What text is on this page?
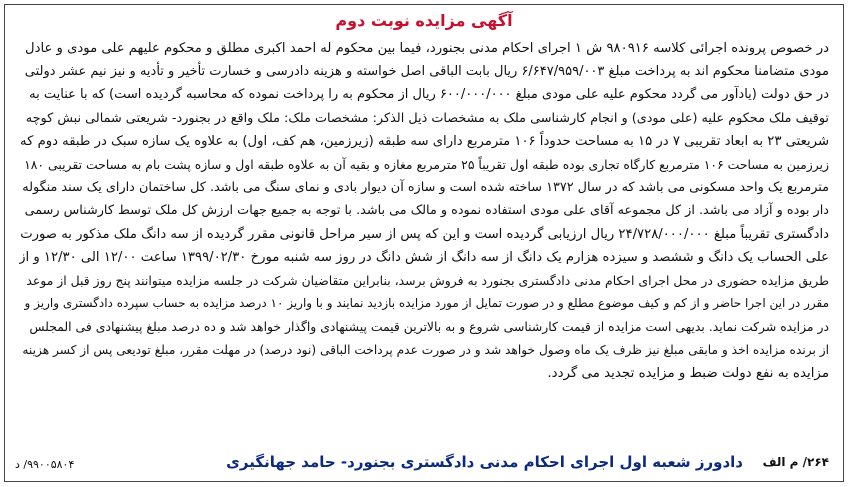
آگهی مزایده نوبت دوم
در خصوص پرونده اجرائی کلاسه ۹۸۰۹۱۶ ش ۱ اجرای احکام مدنی بجنورد، فیما بین محکوم له احمد اکبری مطلق و محکوم علیهم علی مودی و عادل
مودی متضامنا محکوم اند به پرداخت مبلغ ۶/۶۴۷/۹۵۹/۰۰۳ ریال بابت الباقی اصل خواسته و هزینه دادرسی و خسارت تأخیر و تأدیه و نیز نیم عشر دولتی
در حق دولت (یادآور می گردد محکوم علیه علی مودی مبلغ ۶۰۰/۰۰۰/۰۰۰ ریال از محکوم به را پرداخت نموده که محاسبه گردیده است) که با عنایت به
توقیف ملک محکوم علیه (علی مودی) و انجام کارشناسی ملک به مشخصات ذیل الذکر: مشخصات ملک: ملک واقع در بجنورد- شریعتی شمالی نبش کوچه
شریعتی ۲۳ به ابعاد تقریبی ۷ در ۱۵ به مساحت حدوداً ۱۰۶ مترمربع دارای سه طبقه (زیرزمین، هم کف، اول) به علاوه یک سازه سبک در طبقه دوم که
زیرزمین به مساحت ۱۰۶ مترمربع کارگاه تجاری بوده طبقه اول تقریباً ۲۵ مترمربع مغازه و بقیه آن به علاوه طبقه اول و سازه پشت بام به مساحت تقریبی ۱۸۰
مترمربع یک واحد مسکونی می باشد که در سال ۱۳۷۲ ساخته شده است و سازه آن دیوار بادی و نمای سنگ می باشد. کل ساختمان دارای یک سند منگوله
دار بوده و آزاد می باشد. از کل مجموعه آقای علی مودی استفاده نموده و مالک می باشد. با توجه به جمیع جهات ارزش کل ملک توسط کارشناس رسمی
دادگستری تقریباً مبلغ ۲۴/۷۲۸/۰۰۰/۰۰۰ ریال ارزیابی گردیده است و این که پس از سیر مراحل قانونی مقرر گردیده از سه دانگ ملک مذکور به صورت
علی الحساب یک دانگ و ششصد و سیزده هزارم یک دانگ از سه دانگ از شش دانگ در روز سه شنبه مورخ ۱۳۹۹/۰۲/۳۰ ساعت ۱۲/۰۰ الی ۱۲/۳۰ و از
طریق مزایده حضوری در محل اجرای احکام مدنی دادگستری بجنورد به فروش برسد، بنابراین متقاضیان شرکت در جلسه مزایده میتوانند پنج روز قبل از موعد
مقرر در این اجرا حاضر و از کم و کیف موضوع مطلع و در صورت تمایل از مورد مزایده بازدید نمایند و با واریز ۱۰ درصد مزایده به حساب سپرده دادگستری واریز و
در مزایده شرکت نماید. بدیهی است مزایده از قیمت کارشناسی شروع و به بالاترین قیمت پیشنهادی واگذار خواهد شد و ده درصد مبلغ پیشنهادی فی المجلس
از برنده مزایده اخذ و مابقی مبلغ نیز ظرف یک ماه وصول خواهد شد و در صورت عدم پرداخت الباقی (نود درصد) در مهلت مقرر، مبلغ تودیعی پس از کسر هزینه
مزایده به نفع دولت ضبط و مزایده تجدید می گردد.
۲۶۴/ م الف
دادورز شعبه اول اجرای احکام مدنی دادگستری بجنورد- حامد جهانگیری
۹۹۰۰۵۸۰۴/ د
